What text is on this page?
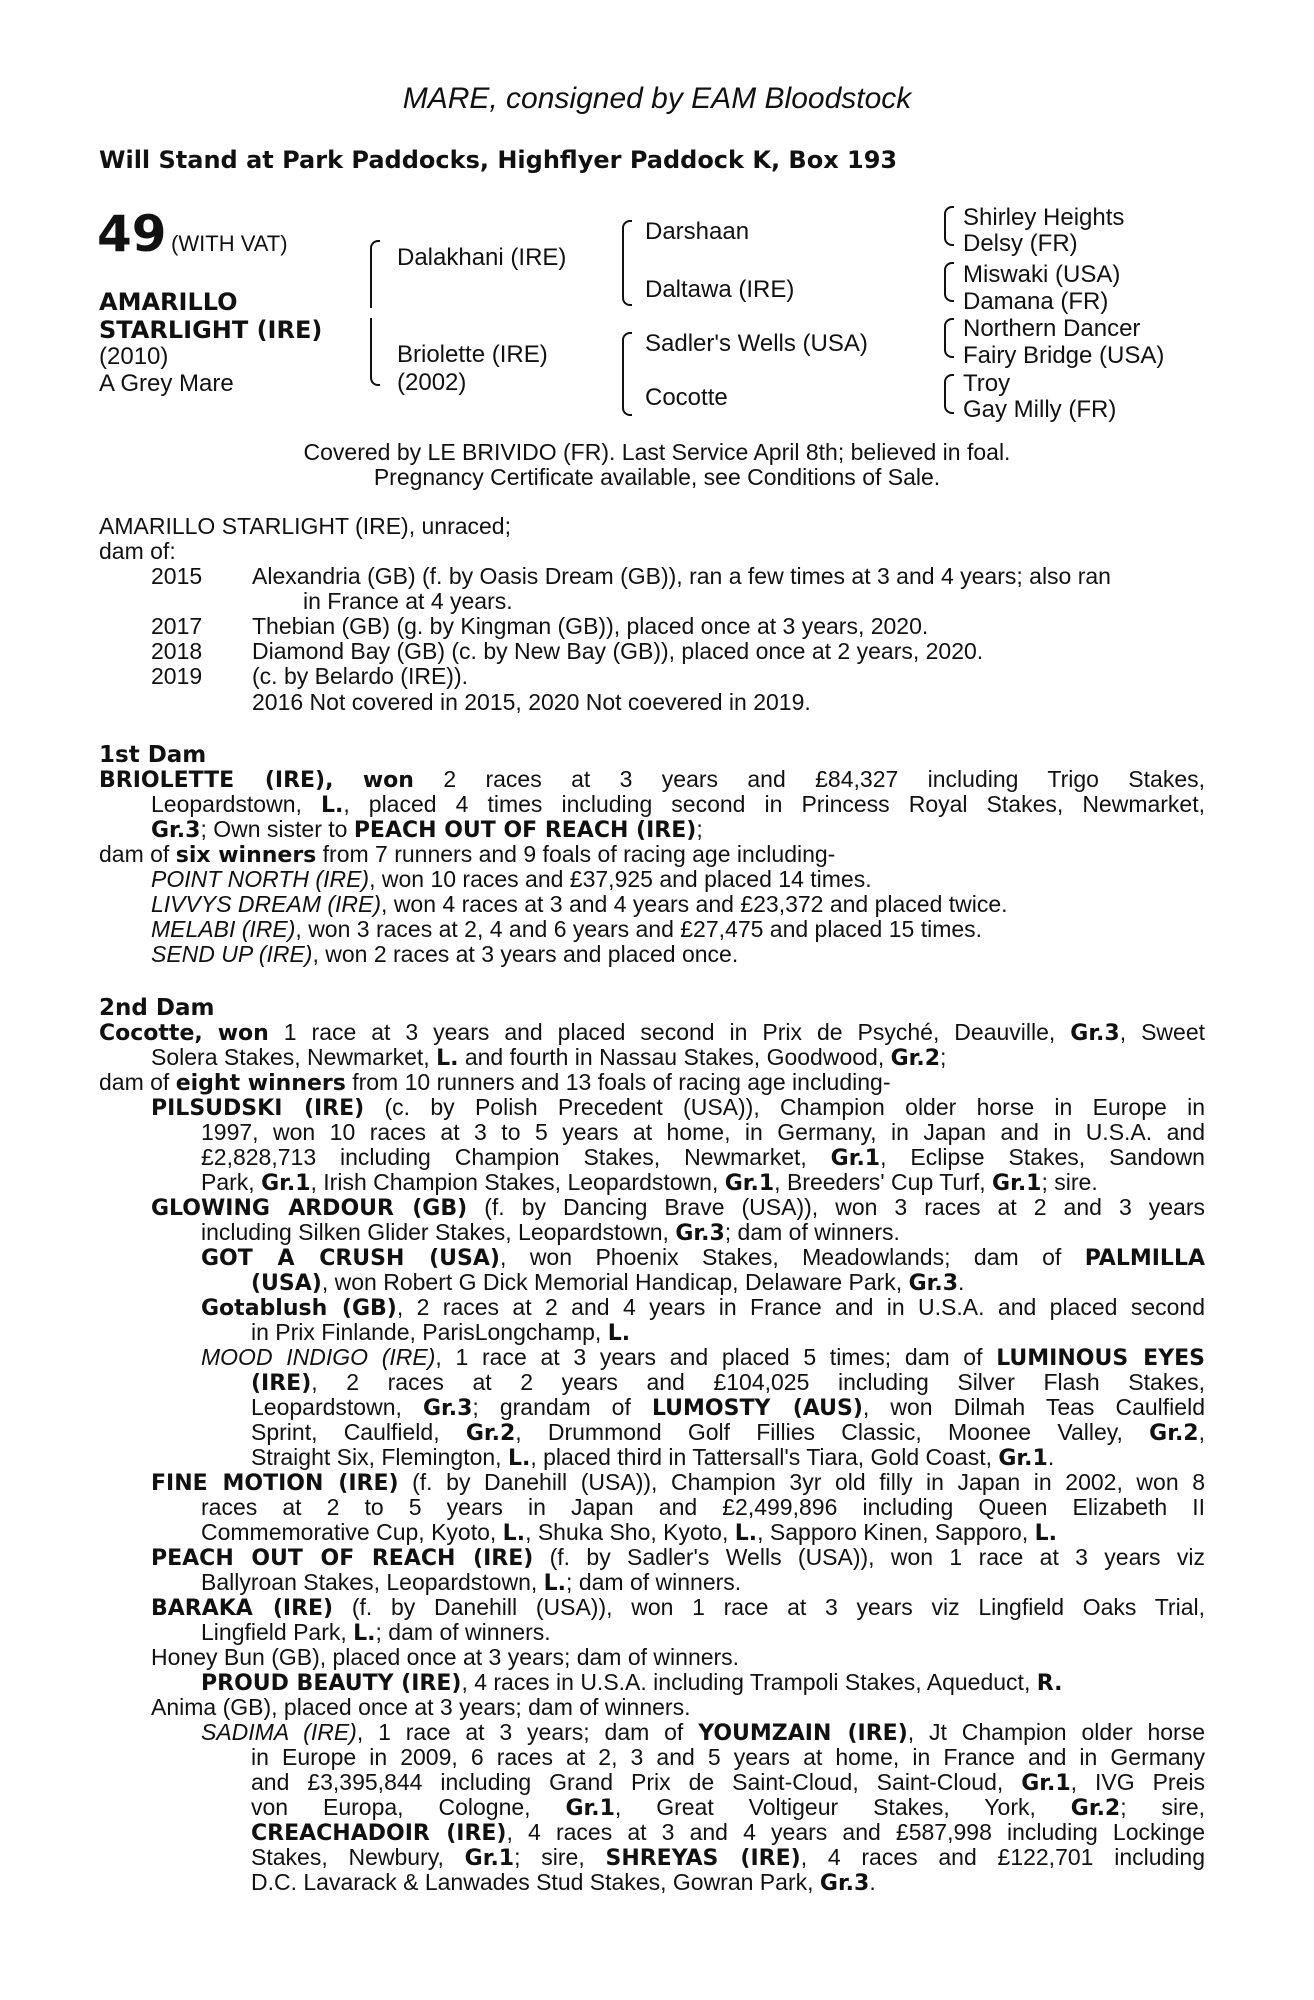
MARE, consigned by EAM Bloodstock
Will Stand at Park Paddocks, Highflyer Paddock K, Box 193
49 (WITH VAT)
AMARILLO
STARLIGHT (IRE)
(2010)
A Grey Mare
Dalakhani (IRE)
Briolette (IRE)
(2002)
Darshaan
Daltawa (IRE)
Sadler's Wells (USA)
Cocotte
Shirley Heights
Delsy (FR)
Miswaki (USA)
Damana (FR)
Northern Dancer
Fairy Bridge (USA)
Troy
Gay Milly (FR)
Covered by LE BRIVIDO (FR). Last Service April 8th; believed in foal.
Pregnancy Certificate available, see Conditions of Sale.
AMARILLO STARLIGHT (IRE), unraced;
dam of:
2015 Alexandria (GB) (f. by Oasis Dream (GB)), ran a few times at 3 and 4 years; also ran
in France at 4 years.
2017 Thebian (GB) (g. by Kingman (GB)), placed once at 3 years, 2020.
2018 Diamond Bay (GB) (c. by New Bay (GB)), placed once at 2 years, 2020.
2019 (c. by Belardo (IRE)).
2016 Not covered in 2015, 2020 Not coevered in 2019.
1st Dam
BRIOLETTE (IRE), won 2 races at 3 years and £84,327 including Trigo Stakes,
Leopardstown, L., placed 4 times including second in Princess Royal Stakes, Newmarket,
Gr.3; Own sister to PEACH OUT OF REACH (IRE);
dam of six winners from 7 runners and 9 foals of racing age including-
POINT NORTH (IRE), won 10 races and £37,925 and placed 14 times.
LIVVYS DREAM (IRE), won 4 races at 3 and 4 years and £23,372 and placed twice.
MELABI (IRE), won 3 races at 2, 4 and 6 years and £27,475 and placed 15 times.
SEND UP (IRE), won 2 races at 3 years and placed once.
2nd Dam
Cocotte, won 1 race at 3 years and placed second in Prix de Psyché, Deauville, Gr.3, Sweet
Solera Stakes, Newmarket, L. and fourth in Nassau Stakes, Goodwood, Gr.2;
dam of eight winners from 10 runners and 13 foals of racing age including-
PILSUDSKI (IRE) (c. by Polish Precedent (USA)), Champion older horse in Europe in
1997, won 10 races at 3 to 5 years at home, in Germany, in Japan and in U.S.A. and
£2,828,713 including Champion Stakes, Newmarket, Gr.1, Eclipse Stakes, Sandown
Park, Gr.1, Irish Champion Stakes, Leopardstown, Gr.1, Breeders' Cup Turf, Gr.1; sire.
GLOWING ARDOUR (GB) (f. by Dancing Brave (USA)), won 3 races at 2 and 3 years
including Silken Glider Stakes, Leopardstown, Gr.3; dam of winners.
GOT A CRUSH (USA), won Phoenix Stakes, Meadowlands; dam of PALMILLA
(USA), won Robert G Dick Memorial Handicap, Delaware Park, Gr.3.
Gotablush (GB), 2 races at 2 and 4 years in France and in U.S.A. and placed second
in Prix Finlande, ParisLongchamp, L.
MOOD INDIGO (IRE), 1 race at 3 years and placed 5 times; dam of LUMINOUS EYES
(IRE), 2 races at 2 years and £104,025 including Silver Flash Stakes,
Leopardstown, Gr.3; grandam of LUMOSTY (AUS), won Dilmah Teas Caulfield
Sprint, Caulfield, Gr.2, Drummond Golf Fillies Classic, Moonee Valley, Gr.2,
Straight Six, Flemington, L., placed third in Tattersall's Tiara, Gold Coast, Gr.1.
FINE MOTION (IRE) (f. by Danehill (USA)), Champion 3yr old filly in Japan in 2002, won 8
races at 2 to 5 years in Japan and £2,499,896 including Queen Elizabeth II
Commemorative Cup, Kyoto, L., Shuka Sho, Kyoto, L., Sapporo Kinen, Sapporo, L.
PEACH OUT OF REACH (IRE) (f. by Sadler's Wells (USA)), won 1 race at 3 years viz
Ballyroan Stakes, Leopardstown, L.; dam of winners.
BARAKA (IRE) (f. by Danehill (USA)), won 1 race at 3 years viz Lingfield Oaks Trial,
Lingfield Park, L.; dam of winners.
Honey Bun (GB), placed once at 3 years; dam of winners.
PROUD BEAUTY (IRE), 4 races in U.S.A. including Trampoli Stakes, Aqueduct, R.
Anima (GB), placed once at 3 years; dam of winners.
SADIMA (IRE), 1 race at 3 years; dam of YOUMZAIN (IRE), Jt Champion older horse
in Europe in 2009, 6 races at 2, 3 and 5 years at home, in France and in Germany
and £3,395,844 including Grand Prix de Saint-Cloud, Saint-Cloud, Gr.1, IVG Preis
von Europa, Cologne, Gr.1, Great Voltigeur Stakes, York, Gr.2; sire,
CREACHADOIR (IRE), 4 races at 3 and 4 years and £587,998 including Lockinge
Stakes, Newbury, Gr.1; sire, SHREYAS (IRE), 4 races and £122,701 including
D.C. Lavarack & Lanwades Stud Stakes, Gowran Park, Gr.3.
